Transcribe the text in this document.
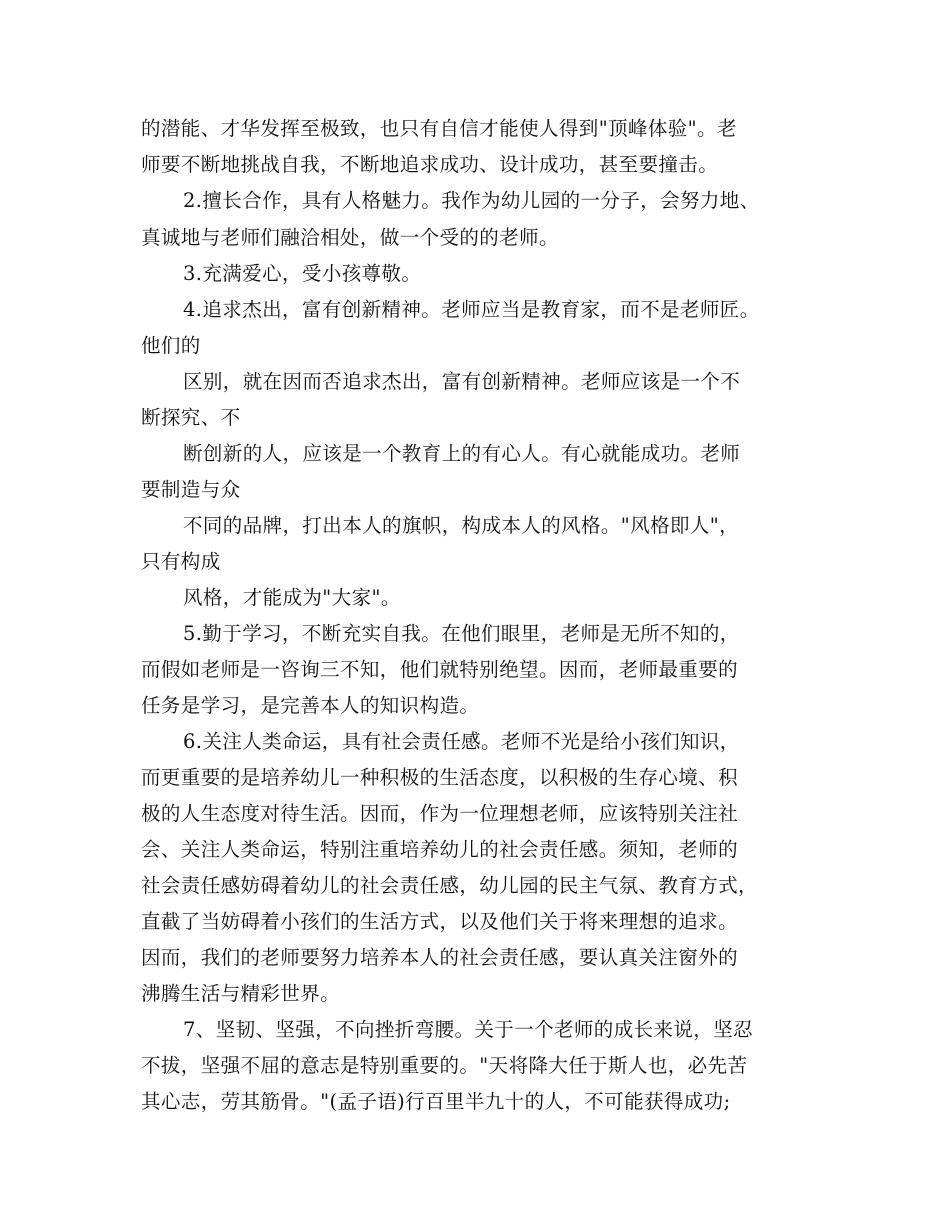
的潜能、才华发挥至极致，也只有自信才能使人得到"顶峰体验"。老
师要不断地挑战自我，不断地追求成功、设计成功，甚至要撞击。
2.擅长合作，具有人格魅力。我作为幼儿园的一分子，会努力地、
真诚地与老师们融洽相处，做一个受的的老师。
3.充满爱心，受小孩尊敬。
4.追求杰出，富有创新精神。老师应当是教育家，而不是老师匠。
他们的
区别，就在因而否追求杰出，富有创新精神。老师应该是一个不
断探究、不
断创新的人，应该是一个教育上的有心人。有心就能成功。老师
要制造与众
不同的品牌，打出本人的旗帜，构成本人的风格。"风格即人"，
只有构成
风格，才能成为"大家"。
5.勤于学习，不断充实自我。在他们眼里，老师是无所不知的，
而假如老师是一咨询三不知，他们就特别绝望。因而，老师最重要的
任务是学习，是完善本人的知识构造。
6.关注人类命运，具有社会责任感。老师不光是给小孩们知识，
而更重要的是培养幼儿一种积极的生活态度，以积极的生存心境、积
极的人生态度对待生活。因而，作为一位理想老师，应该特别关注社
会、关注人类命运，特别注重培养幼儿的社会责任感。须知，老师的
社会责任感妨碍着幼儿的社会责任感，幼儿园的民主气氛、教育方式，
直截了当妨碍着小孩们的生活方式，以及他们关于将来理想的追求。
因而，我们的老师要努力培养本人的社会责任感，要认真关注窗外的
沸腾生活与精彩世界。
7、坚韧、坚强，不向挫折弯腰。关于一个老师的成长来说，坚忍
不拔，坚强不屈的意志是特别重要的。"天将降大任于斯人也，必先苦
其心志，劳其筋骨。"(孟子语)行百里半九十的人，不可能获得成功;
